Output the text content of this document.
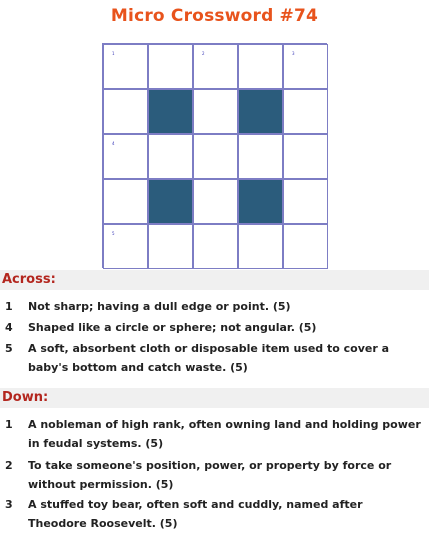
Micro Crossword #74
1	2	3
4
5
Across:
1 Not sharp; having a dull edge or point. (5)
4 Shaped like a circle or sphere; not angular. (5)
5 A soft, absorbent cloth or disposable item used to cover a baby's bottom and catch waste. (5)
Down:
1 A nobleman of high rank, often owning land and holding power in feudal systems. (5)
2 To take someone's position, power, or property by force or without permission. (5)
3 A stuffed toy bear, often soft and cuddly, named after Theodore Roosevelt. (5)
